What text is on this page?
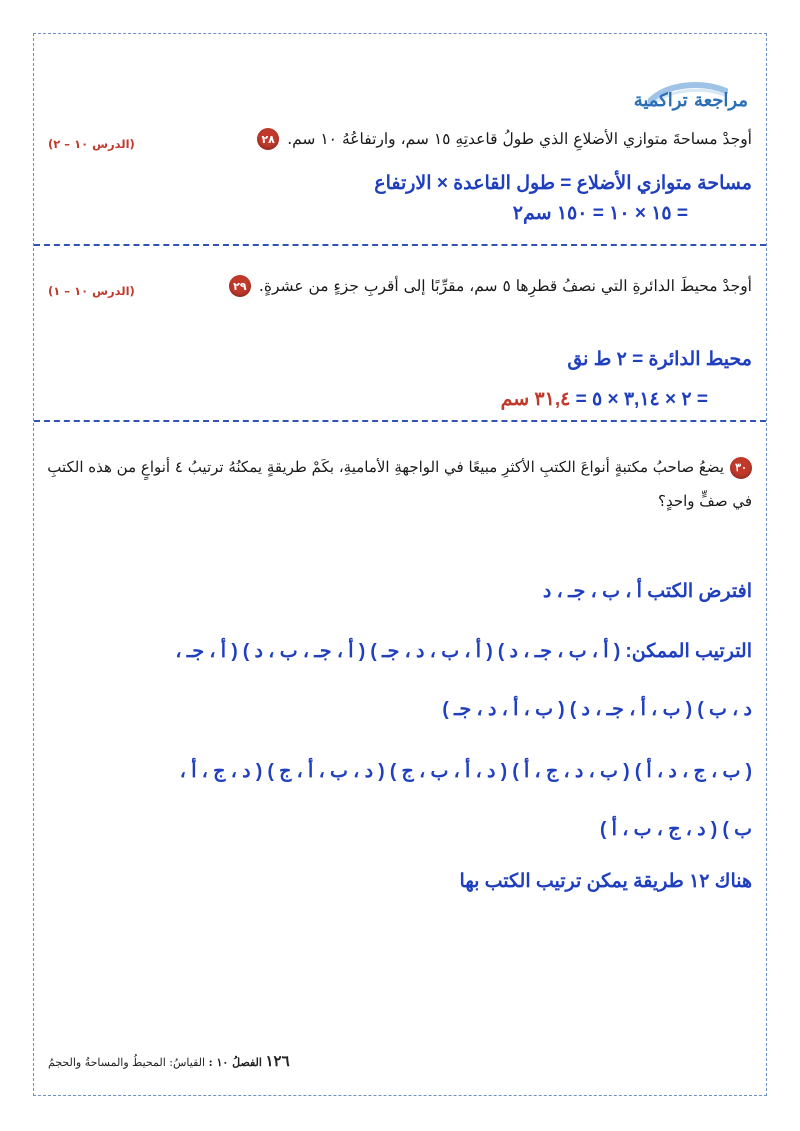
مراجعة تراكمية
٢٨ أوجدْ مساحةَ متوازي الأضلاعِ الذي طولُ قاعدتِهِ ١٥ سم، وارتفاعُهُ ١٠ سم.
(الدرس ١٠ – ٢)
مساحة متوازي الأضلاع = طول القاعدة × الارتفاع
= ١٥ × ١٠ = ١٥٠ سم٢
٢٩ أوجدْ محيطَ الدائرةِ التي نصفُ قطرِها ٥ سم، مقرِّبًا إلى أقربِ جزءٍ من عشرةٍ.
(الدرس ١٠ – ١)
محيط الدائرة = ٢ ط نق
= ٢ × ٣,١٤ × ٥ = ٣١,٤ سم
٣٠يضعُ صاحبُ مكتبةٍ أنواعَ الكتبِ الأكثرِ مبيعًا في الواجهةِ الأماميةِ، بكَمْ طريقةٍ يمكنُهُ ترتيبُ ٤ أنواعٍ من هذه الكتبِ في صفٍّ واحدٍ؟
افترض الكتب أ ، ب ، جـ ، د
الترتيب الممكن: ( أ ، ب ، جـ ، د ) ( أ ، ب ، د ، جـ ) ( أ ، جـ ، ب ، د ) ( أ ، جـ ،
د ، ب ) ( ب ، أ ، جـ ، د ) ( ب ، أ ، د ، جـ )
( ب ، ج ، د ، أ ) ( ب ، د ، ج ، أ ) ( د ، أ ، ب ، ج ) ( د ، ب ، أ ، ج ) ( د ، ج ، أ ،
ب ) ( د ، ج ، ب ، أ )
هناك ١٢ طريقة يمكن ترتيب الكتب بها
١٢٦ الفصلُ ١٠ : القياسُ: المحيطُ والمساحةُ والحجمُ
